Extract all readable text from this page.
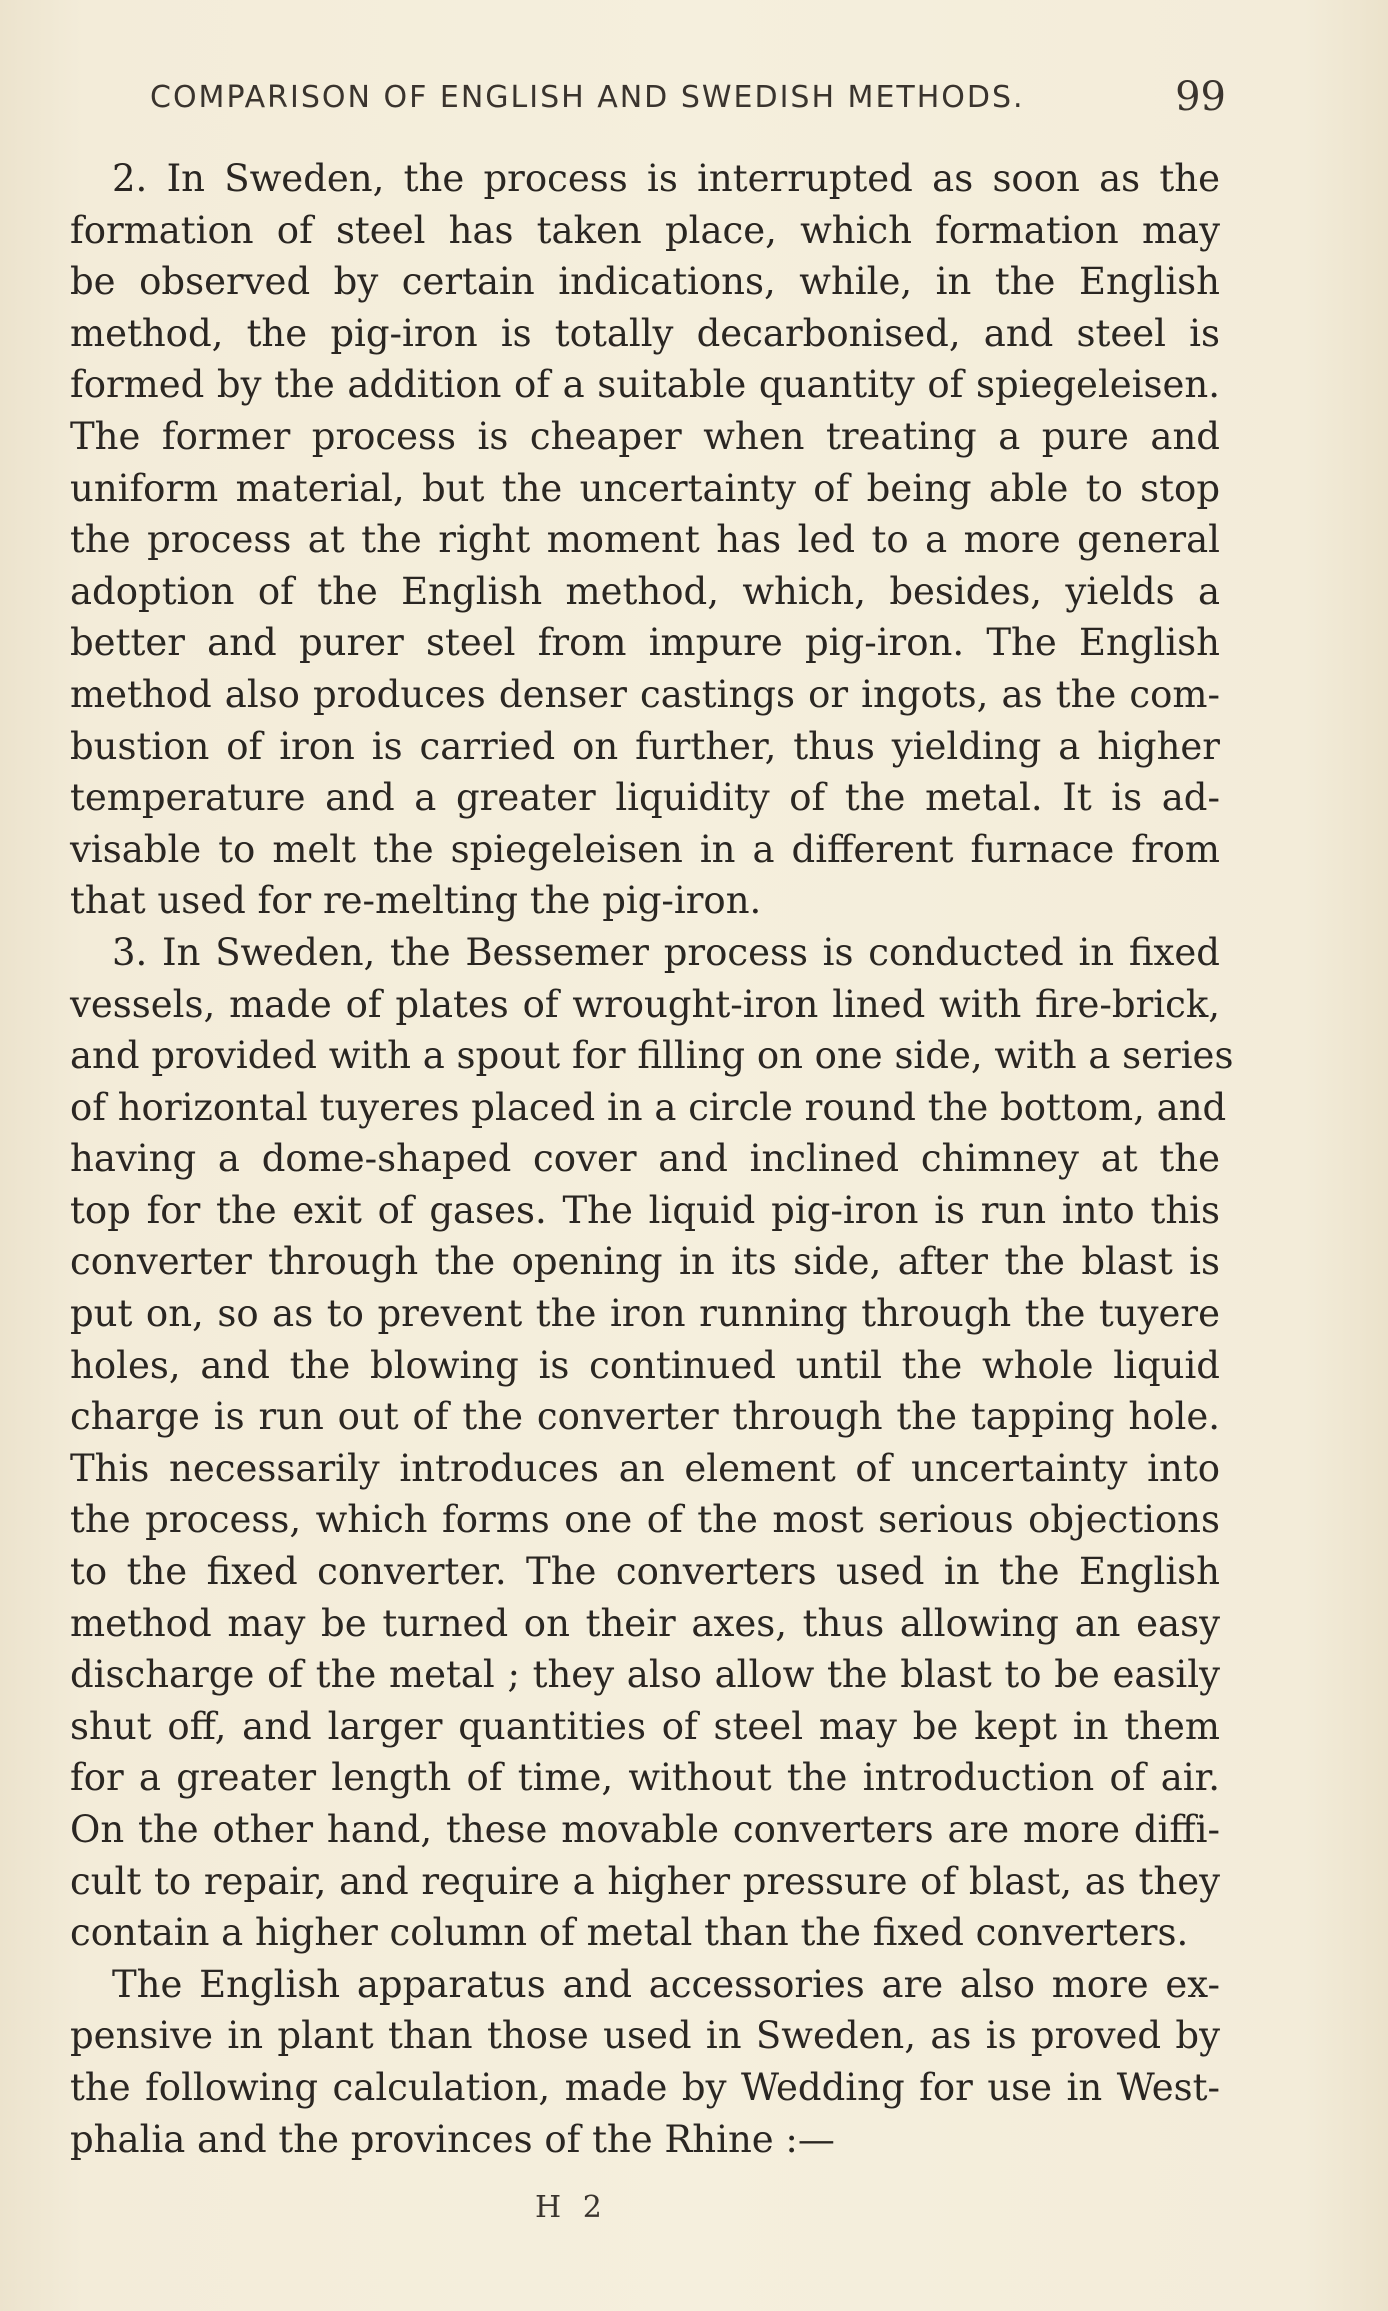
COMPARISON OF ENGLISH AND SWEDISH METHODS.	99
2. In Sweden, the process is interrupted as soon as the
formation of steel has taken place, which formation may
be observed by certain indications, while, in the English
method, the pig-iron is totally decarbonised, and steel is
formed by the addition of a suitable quantity of spiegeleisen.
The former process is cheaper when treating a pure and
uniform material, but the uncertainty of being able to stop
the process at the right moment has led to a more general
adoption of the English method, which, besides, yields a
better and purer steel from impure pig-iron. The English
method also produces denser castings or ingots, as the com-
bustion of iron is carried on further, thus yielding a higher
temperature and a greater liquidity of the metal. It is ad-
visable to melt the spiegeleisen in a different furnace from
that used for re-melting the pig-iron.
3. In Sweden, the Bessemer process is conducted in fixed
vessels, made of plates of wrought-iron lined with fire-brick,
and provided with a spout for filling on one side, with a series
of horizontal tuyeres placed in a circle round the bottom, and
having a dome-shaped cover and inclined chimney at the
top for the exit of gases. The liquid pig-iron is run into this
converter through the opening in its side, after the blast is
put on, so as to prevent the iron running through the tuyere
holes, and the blowing is continued until the whole liquid
charge is run out of the converter through the tapping hole.
This necessarily introduces an element of uncertainty into
the process, which forms one of the most serious objections
to the fixed converter. The converters used in the English
method may be turned on their axes, thus allowing an easy
discharge of the metal ; they also allow the blast to be easily
shut off, and larger quantities of steel may be kept in them
for a greater length of time, without the introduction of air.
On the other hand, these movable converters are more diffi-
cult to repair, and require a higher pressure of blast, as they
contain a higher column of metal than the fixed converters.
The English apparatus and accessories are also more ex-
pensive in plant than those used in Sweden, as is proved by
the following calculation, made by Wedding for use in West-
phalia and the provinces of the Rhine :—
H 2
